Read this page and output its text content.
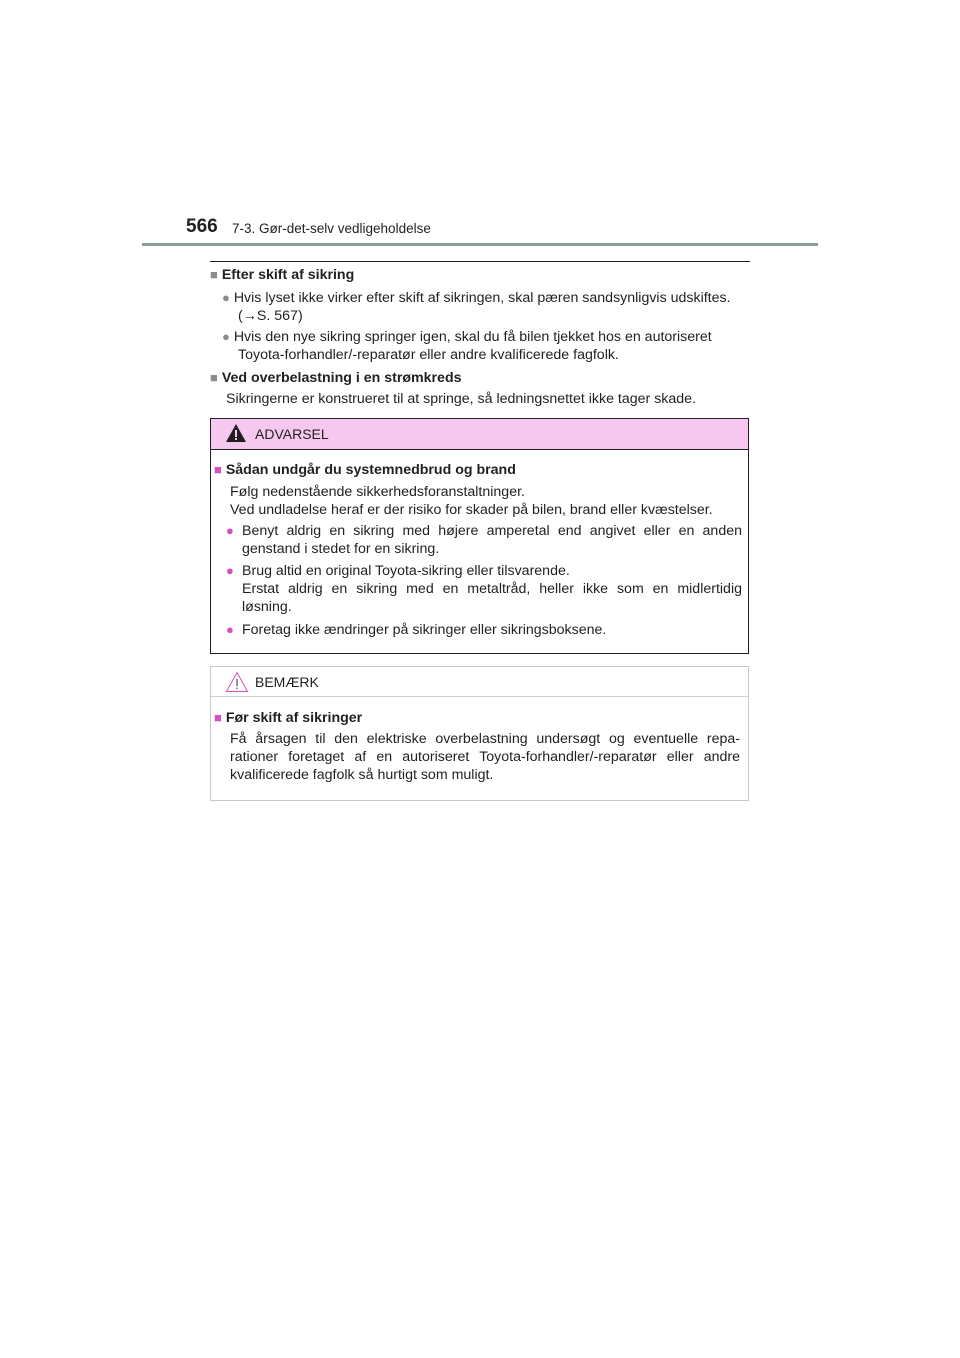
566 7-3. Gør-det-selv vedligeholdelse
■ Efter skift af sikring
● Hvis lyset ikke virker efter skift af sikringen, skal pæren sandsynligvis udskiftes.
(→S. 567)
● Hvis den nye sikring springer igen, skal du få bilen tjekket hos en autoriseret
Toyota-forhandler/-reparatør eller andre kvalificerede fagfolk.
■ Ved overbelastning i en strømkreds
Sikringerne er konstrueret til at springe, så ledningsnettet ikke tager skade.
ADVARSEL
■ Sådan undgår du systemnedbrud og brand
Følg nedenstående sikkerhedsforanstaltninger.
Ved undladelse heraf er der risiko for skader på bilen, brand eller kvæstelser.
● Benyt aldrig en sikring med højere amperetal end angivet eller en anden
genstand i stedet for en sikring.
● Brug altid en original Toyota-sikring eller tilsvarende.
Erstat aldrig en sikring med en metaltråd, heller ikke som en midlertidig
løsning.
● Foretag ikke ændringer på sikringer eller sikringsboksene.
BEMÆRK
■ Før skift af sikringer
Få årsagen til den elektriske overbelastning undersøgt og eventuelle repa-
rationer foretaget af en autoriseret Toyota-forhandler/-reparatør eller andre
kvalificerede fagfolk så hurtigt som muligt.
